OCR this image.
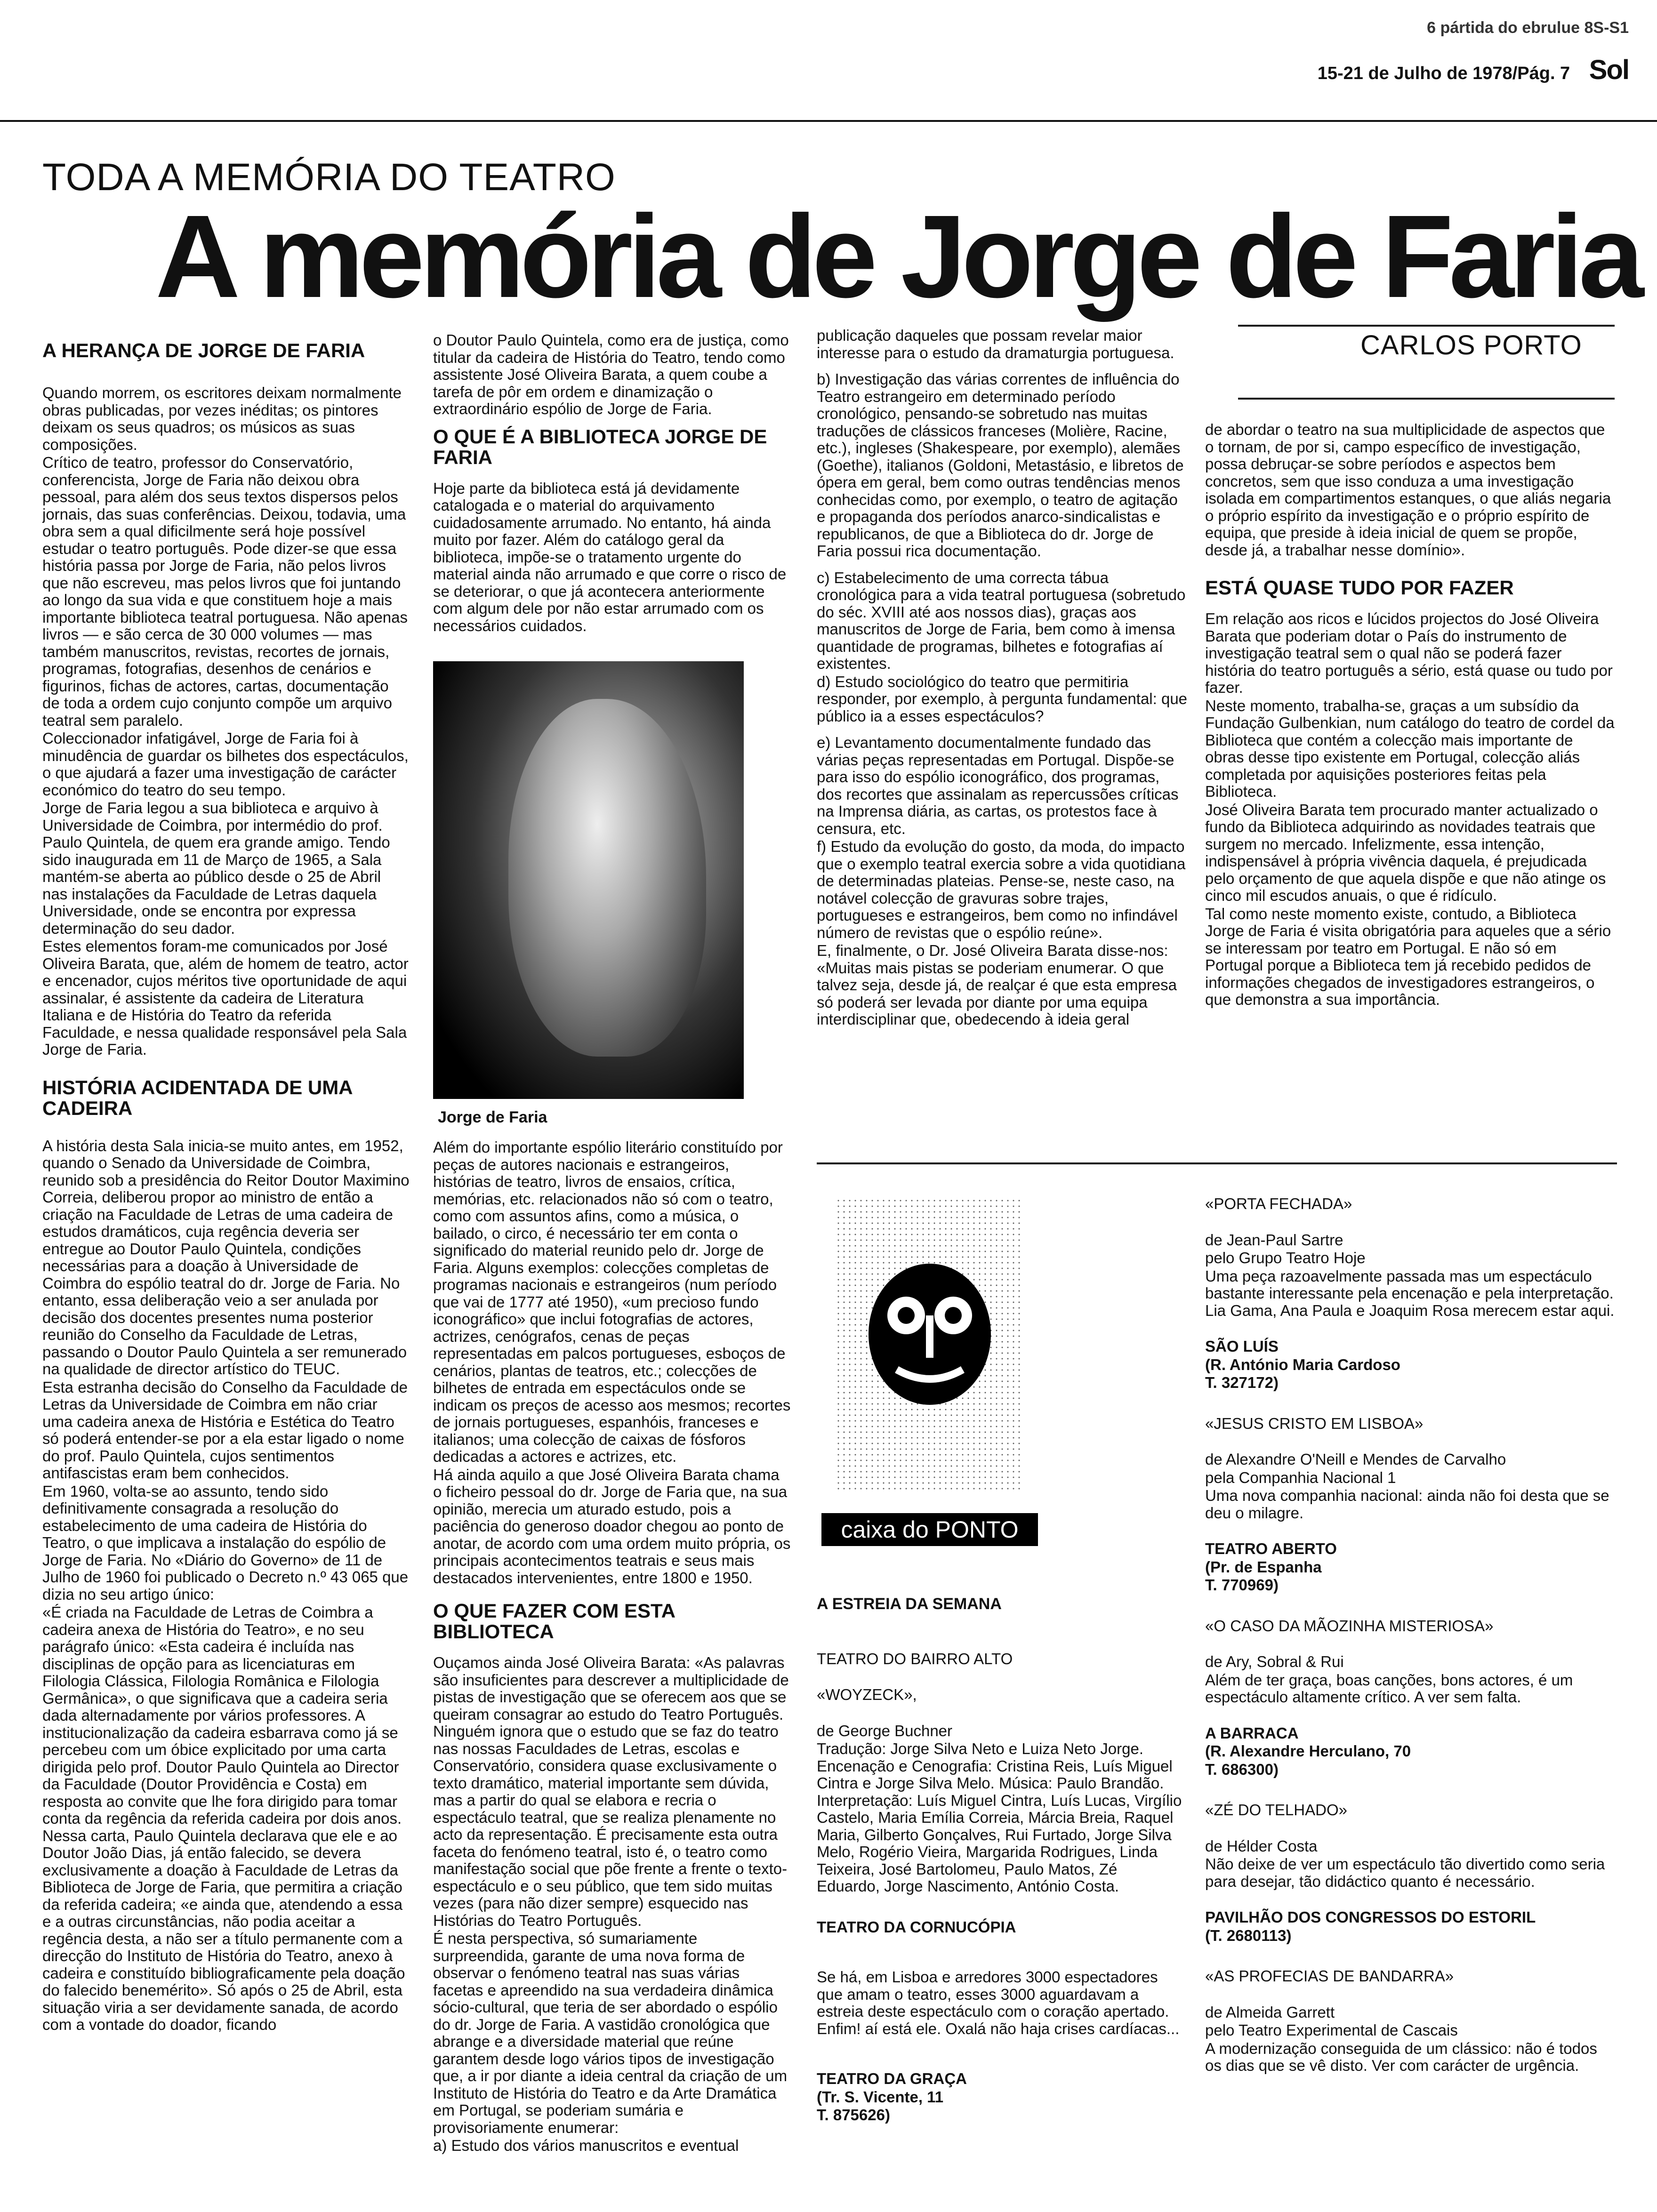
6 pártida do ebrulue 8S-S1
15-21 de Julho de 1978/Pág. 7 Sol
TODA A MEMÓRIA DO TEATRO
A memória de Jorge de Faria
CARLOS PORTO
A HERANÇA DE JORGE DE FARIA

Quando morrem, os escritores deixam normalmente obras publicadas, por vezes inéditas; os pintores deixam os seus quadros; os músicos as suas composições.

Crítico de teatro, professor do Conservatório, conferencista, Jorge de Faria não deixou obra pessoal, para além dos seus textos dispersos pelos jornais, das suas conferências. Deixou, todavia, uma obra sem a qual dificilmente será hoje possível estudar o teatro português. Pode dizer-se que essa história passa por Jorge de Faria, não pelos livros que não escreveu, mas pelos livros que foi juntando ao longo da sua vida e que constituem hoje a mais importante biblioteca teatral portuguesa. Não apenas livros — e são cerca de 30 000 volumes — mas também manuscritos, revistas, recortes de jornais, programas, fotografias, desenhos de cenários e figurinos, fichas de actores, cartas, documentação de toda a ordem cujo conjunto compõe um arquivo teatral sem paralelo.

Coleccionador infatigável, Jorge de Faria foi à minudência de guardar os bilhetes dos espectáculos, o que ajudará a fazer uma investigação de carácter económico do teatro do seu tempo.

Jorge de Faria legou a sua biblioteca e arquivo à Universidade de Coimbra, por intermédio do prof. Paulo Quintela, de quem era grande amigo. Tendo sido inaugurada em 11 de Março de 1965, a Sala mantém-se aberta ao público desde o 25 de Abril nas instalações da Faculdade de Letras daquela Universidade, onde se encontra por expressa determinação do seu dador.

Estes elementos foram-me comunicados por José Oliveira Barata, que, além de homem de teatro, actor e encenador, cujos méritos tive oportunidade de aqui assinalar, é assistente da cadeira de Literatura Italiana e de História do Teatro da referida Faculdade, e nessa qualidade responsável pela Sala Jorge de Faria.

HISTÓRIA ACIDENTADA DE UMA CADEIRA

A história desta Sala inicia-se muito antes, em 1952, quando o Senado da Universidade de Coimbra, reunido sob a presidência do Reitor Doutor Maximino Correia, deliberou propor ao ministro de então a criação na Faculdade de Letras de uma cadeira de estudos dramáticos, cuja regência deveria ser entregue ao Doutor Paulo Quintela, condições necessárias para a doação à Universidade de Coimbra do espólio teatral do dr. Jorge de Faria. No entanto, essa deliberação veio a ser anulada por decisão dos docentes presentes numa posterior reunião do Conselho da Faculdade de Letras, passando o Doutor Paulo Quintela a ser remunerado na qualidade de director artístico do TEUC.

Esta estranha decisão do Conselho da Faculdade de Letras da Universidade de Coimbra em não criar uma cadeira anexa de História e Estética do Teatro só poderá entender-se por a ela estar ligado o nome do prof. Paulo Quintela, cujos sentimentos antifascistas eram bem conhecidos.

Em 1960, volta-se ao assunto, tendo sido definitivamente consagrada a resolução do estabelecimento de uma cadeira de História do Teatro, o que implicava a instalação do espólio de Jorge de Faria. No «Diário do Governo» de 11 de Julho de 1960 foi publicado o Decreto n.º 43 065 que dizia no seu artigo único:

«É criada na Faculdade de Letras de Coimbra a cadeira anexa de História do Teatro», e no seu parágrafo único: «Esta cadeira é incluída nas disciplinas de opção para as licenciaturas em Filologia Clássica, Filologia Românica e Filologia Germânica», o que significava que a cadeira seria dada alternadamente por vários professores. A institucionalização da cadeira esbarrava como já se percebeu com um óbice explicitado por uma carta dirigida pelo prof. Doutor Paulo Quintela ao Director da Faculdade (Doutor Providência e Costa) em resposta ao convite que lhe fora dirigido para tomar conta da regência da referida cadeira por dois anos. Nessa carta, Paulo Quintela declarava que ele e ao Doutor João Dias, já então falecido, se devera exclusivamente a doação à Faculdade de Letras da Biblioteca de Jorge de Faria, que permitira a criação da referida cadeira; «e ainda que, atendendo a essa e a outras circunstâncias, não podia aceitar a regência desta, a não ser a título permanente com a direcção do Instituto de História do Teatro, anexo à cadeira e constituído bibliograficamente pela doação do falecido benemérito». Só após o 25 de Abril, esta situação viria a ser devidamente sanada, de acordo com a vontade do doador, ficando

o Doutor Paulo Quintela, como era de justiça, como titular da cadeira de História do Teatro, tendo como assistente José Oliveira Barata, a quem coube a tarefa de pôr em ordem e dinamização o extraordinário espólio de Jorge de Faria.

O QUE É A BIBLIOTECA JORGE DE FARIA

Hoje parte da biblioteca está já devidamente catalogada e o material do arquivamento cuidadosamente arrumado. No entanto, há ainda muito por fazer. Além do catálogo geral da biblioteca, impõe-se o tratamento urgente do material ainda não arrumado e que corre o risco de se deteriorar, o que já acontecera anteriormente com algum dele por não estar arrumado com os necessários cuidados.

Jorge de Faria

Além do importante espólio literário constituído por peças de autores nacionais e estrangeiros, histórias de teatro, livros de ensaios, crítica, memórias, etc. relacionados não só com o teatro, como com assuntos afins, como a música, o bailado, o circo, é necessário ter em conta o significado do material reunido pelo dr. Jorge de Faria. Alguns exemplos: colecções completas de programas nacionais e estrangeiros (num período que vai de 1777 até 1950), «um precioso fundo iconográfico» que inclui fotografias de actores, actrizes, cenógrafos, cenas de peças representadas em palcos portugueses, esboços de cenários, plantas de teatros, etc.; colecções de bilhetes de entrada em espectáculos onde se indicam os preços de acesso aos mesmos; recortes de jornais portugueses, espanhóis, franceses e italianos; uma colecção de caixas de fósforos dedicadas a actores e actrizes, etc.

Há ainda aquilo a que José Oliveira Barata chama o ficheiro pessoal do dr. Jorge de Faria que, na sua opinião, merecia um aturado estudo, pois a paciência do generoso doador chegou ao ponto de anotar, de acordo com uma ordem muito própria, os principais acontecimentos teatrais e seus mais destacados intervenientes, entre 1800 e 1950.

O QUE FAZER COM ESTA BIBLIOTECA

Ouçamos ainda José Oliveira Barata: «As palavras são insuficientes para descrever a multiplicidade de pistas de investigação que se oferecem aos que se queiram consagrar ao estudo do Teatro Português. Ninguém ignora que o estudo que se faz do teatro nas nossas Faculdades de Letras, escolas e Conservatório, considera quase exclusivamente o texto dramático, material importante sem dúvida, mas a partir do qual se elabora e recria o espectáculo teatral, que se realiza plenamente no acto da representação. É precisamente esta outra faceta do fenómeno teatral, isto é, o teatro como manifestação social que põe frente a frente o texto-espectáculo e o seu público, que tem sido muitas vezes (para não dizer sempre) esquecido nas Histórias do Teatro Português.

É nesta perspectiva, só sumariamente surpreendida, garante de uma nova forma de observar o fenómeno teatral nas suas várias facetas e apreendido na sua verdadeira dinâmica sócio-cultural, que teria de ser abordado o espólio do dr. Jorge de Faria. A vastidão cronológica que abrange e a diversidade material que reúne garantem desde logo vários tipos de investigação que, a ir por diante a ideia central da criação de um Instituto de História do Teatro e da Arte Dramática em Portugal, se poderiam sumária e provisoriamente enumerar:

a) Estudo dos vários manuscritos e eventual

publicação daqueles que possam revelar maior interesse para o estudo da dramaturgia portuguesa.

b) Investigação das várias correntes de influência do Teatro estrangeiro em determinado período cronológico, pensando-se sobretudo nas muitas traduções de clássicos franceses (Molière, Racine, etc.), ingleses (Shakespeare, por exemplo), alemães (Goethe), italianos (Goldoni, Metastásio, e libretos de ópera em geral, bem como outras tendências menos conhecidas como, por exemplo, o teatro de agitação e propaganda dos períodos anarco-sindicalistas e republicanos, de que a Biblioteca do dr. Jorge de Faria possui rica documentação.

c) Estabelecimento de uma correcta tábua cronológica para a vida teatral portuguesa (sobretudo do séc. XVIII até aos nossos dias), graças aos manuscritos de Jorge de Faria, bem como à imensa quantidade de programas, bilhetes e fotografias aí existentes.

d) Estudo sociológico do teatro que permitiria responder, por exemplo, à pergunta fundamental: que público ia a esses espectáculos?

e) Levantamento documentalmente fundado das várias peças representadas em Portugal. Dispõe-se para isso do espólio iconográfico, dos programas, dos recortes que assinalam as repercussões críticas na Imprensa diária, as cartas, os protestos face à censura, etc.

f) Estudo da evolução do gosto, da moda, do impacto que o exemplo teatral exercia sobre a vida quotidiana de determinadas plateias. Pense-se, neste caso, na notável colecção de gravuras sobre trajes, portugueses e estrangeiros, bem como no infindável número de revistas que o espólio reúne».

E, finalmente, o Dr. José Oliveira Barata disse-nos: «Muitas mais pistas se poderiam enumerar. O que talvez seja, desde já, de realçar é que esta empresa só poderá ser levada por diante por uma equipa interdisciplinar que, obedecendo à ideia geral

de abordar o teatro na sua multiplicidade de aspectos que o tornam, de por si, campo específico de investigação, possa debruçar-se sobre períodos e aspectos bem concretos, sem que isso conduza a uma investigação isolada em compartimentos estanques, o que aliás negaria o próprio espírito da investigação e o próprio espírito de equipa, que preside à ideia inicial de quem se propõe, desde já, a trabalhar nesse domínio».

ESTÁ QUASE TUDO POR FAZER

Em relação aos ricos e lúcidos projectos do José Oliveira Barata que poderiam dotar o País do instrumento de investigação teatral sem o qual não se poderá fazer história do teatro português a sério, está quase ou tudo por fazer.

Neste momento, trabalha-se, graças a um subsídio da Fundação Gulbenkian, num catálogo do teatro de cordel da Biblioteca que contém a colecção mais importante de obras desse tipo existente em Portugal, colecção aliás completada por aquisições posteriores feitas pela Biblioteca.

José Oliveira Barata tem procurado manter actualizado o fundo da Biblioteca adquirindo as novidades teatrais que surgem no mercado. Infelizmente, essa intenção, indispensável à própria vivência daquela, é prejudicada pelo orçamento de que aquela dispõe e que não atinge os cinco mil escudos anuais, o que é ridículo.

Tal como neste momento existe, contudo, a Biblioteca Jorge de Faria é visita obrigatória para aqueles que a sério se interessam por teatro em Portugal. E não só em Portugal porque a Biblioteca tem já recebido pedidos de informações chegados de investigadores estrangeiros, o que demonstra a sua importância.

caixa do PONTO
A ESTREIA DA SEMANA

TEATRO DO BAIRRO ALTO

«WOYZECK»,

de George Buchner

Tradução: Jorge Silva Neto e Luiza Neto Jorge. Encenação e Cenografia: Cristina Reis, Luís Miguel Cintra e Jorge Silva Melo. Música: Paulo Brandão. Interpretação: Luís Miguel Cintra, Luís Lucas, Virgílio Castelo, Maria Emília Correia, Márcia Breia, Raquel Maria, Gilberto Gonçalves, Rui Furtado, Jorge Silva Melo, Rogério Vieira, Margarida Rodrigues, Linda Teixeira, José Bartolomeu, Paulo Matos, Zé Eduardo, Jorge Nascimento, António Costa.

TEATRO DA CORNUCÓPIA

Se há, em Lisboa e arredores 3000 espectadores que amam o teatro, esses 3000 aguardavam a estreia deste espectáculo com o coração apertado. Enfim! aí está ele. Oxalá não haja crises cardíacas...

TEATRO DA GRAÇA

(Tr. S. Vicente, 11

T. 875626)

«PORTA FECHADA»

de Jean-Paul Sartre

pelo Grupo Teatro Hoje

Uma peça razoavelmente passada mas um espectáculo bastante interessante pela encenação e pela interpretação. Lia Gama, Ana Paula e Joaquim Rosa merecem estar aqui.

SÃO LUÍS

(R. António Maria Cardoso

T. 327172)

«JESUS CRISTO EM LISBOA»

de Alexandre O'Neill e Mendes de Carvalho

pela Companhia Nacional 1

Uma nova companhia nacional: ainda não foi desta que se deu o milagre.

TEATRO ABERTO

(Pr. de Espanha

T. 770969)

«O CASO DA MÃOZINHA MISTERIOSA»

de Ary, Sobral & Rui

Além de ter graça, boas canções, bons actores, é um espectáculo altamente crítico. A ver sem falta.

A BARRACA

(R. Alexandre Herculano, 70

T. 686300)

«ZÉ DO TELHADO»

de Hélder Costa

Não deixe de ver um espectáculo tão divertido como seria para desejar, tão didáctico quanto é necessário.

PAVILHÃO DOS CONGRESSOS DO ESTORIL

(T. 2680113)

«AS PROFECIAS DE BANDARRA»

de Almeida Garrett

pelo Teatro Experimental de Cascais

A modernização conseguida de um clássico: não é todos os dias que se vê disto. Ver com carácter de urgência.
